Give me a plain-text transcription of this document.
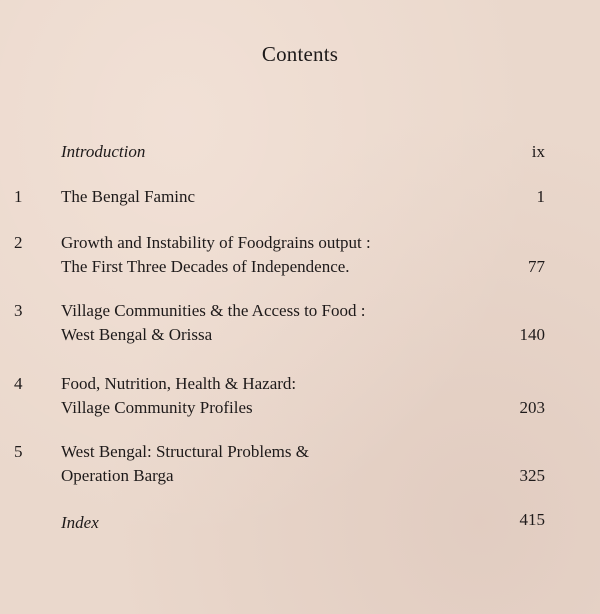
Contents
Introduction	ix
1	The Bengal Faminc	1
2	Growth and Instability of Foodgrains output :
The First Three Decades of Independence.	77
3	Village Communities & the Access to Food :
West Bengal & Orissa	140
4	Food, Nutrition, Health & Hazard:
Village Community Profiles	203
5	West Bengal: Structural Problems &
Operation Barga	325
Index	415
